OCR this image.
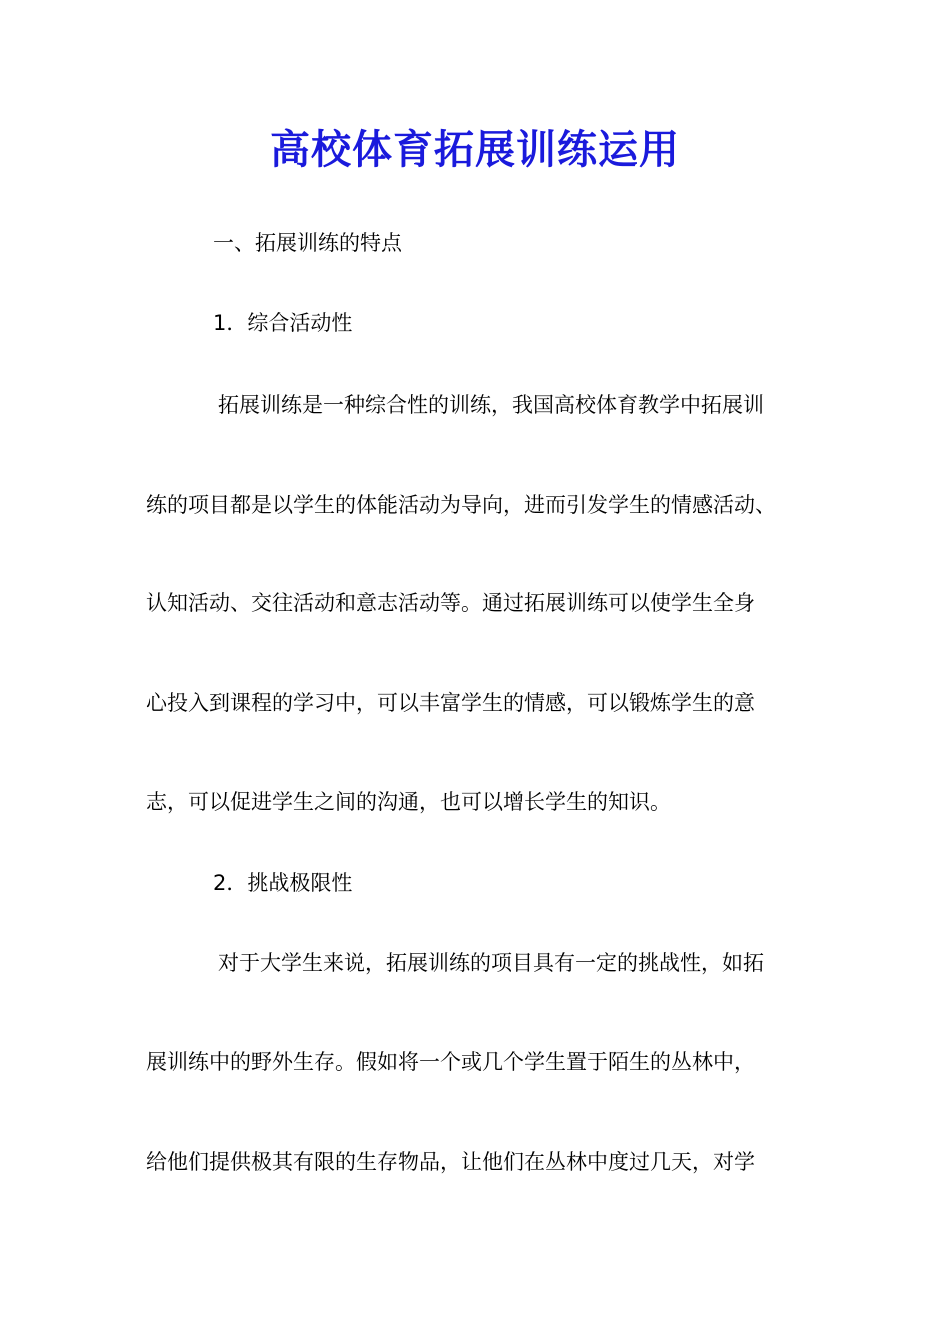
高校体育拓展训练运用
一、拓展训练的特点
1．综合活动性
拓展训练是一种综合性的训练，我国高校体育教学中拓展训
练的项目都是以学生的体能活动为导向，进而引发学生的情感活动、
认知活动、交往活动和意志活动等。通过拓展训练可以使学生全身
心投入到课程的学习中，可以丰富学生的情感，可以锻炼学生的意
志，可以促进学生之间的沟通，也可以增长学生的知识。
2．挑战极限性
对于大学生来说，拓展训练的项目具有一定的挑战性，如拓
展训练中的野外生存。假如将一个或几个学生置于陌生的丛林中，
给他们提供极其有限的生存物品，让他们在丛林中度过几天，对学
